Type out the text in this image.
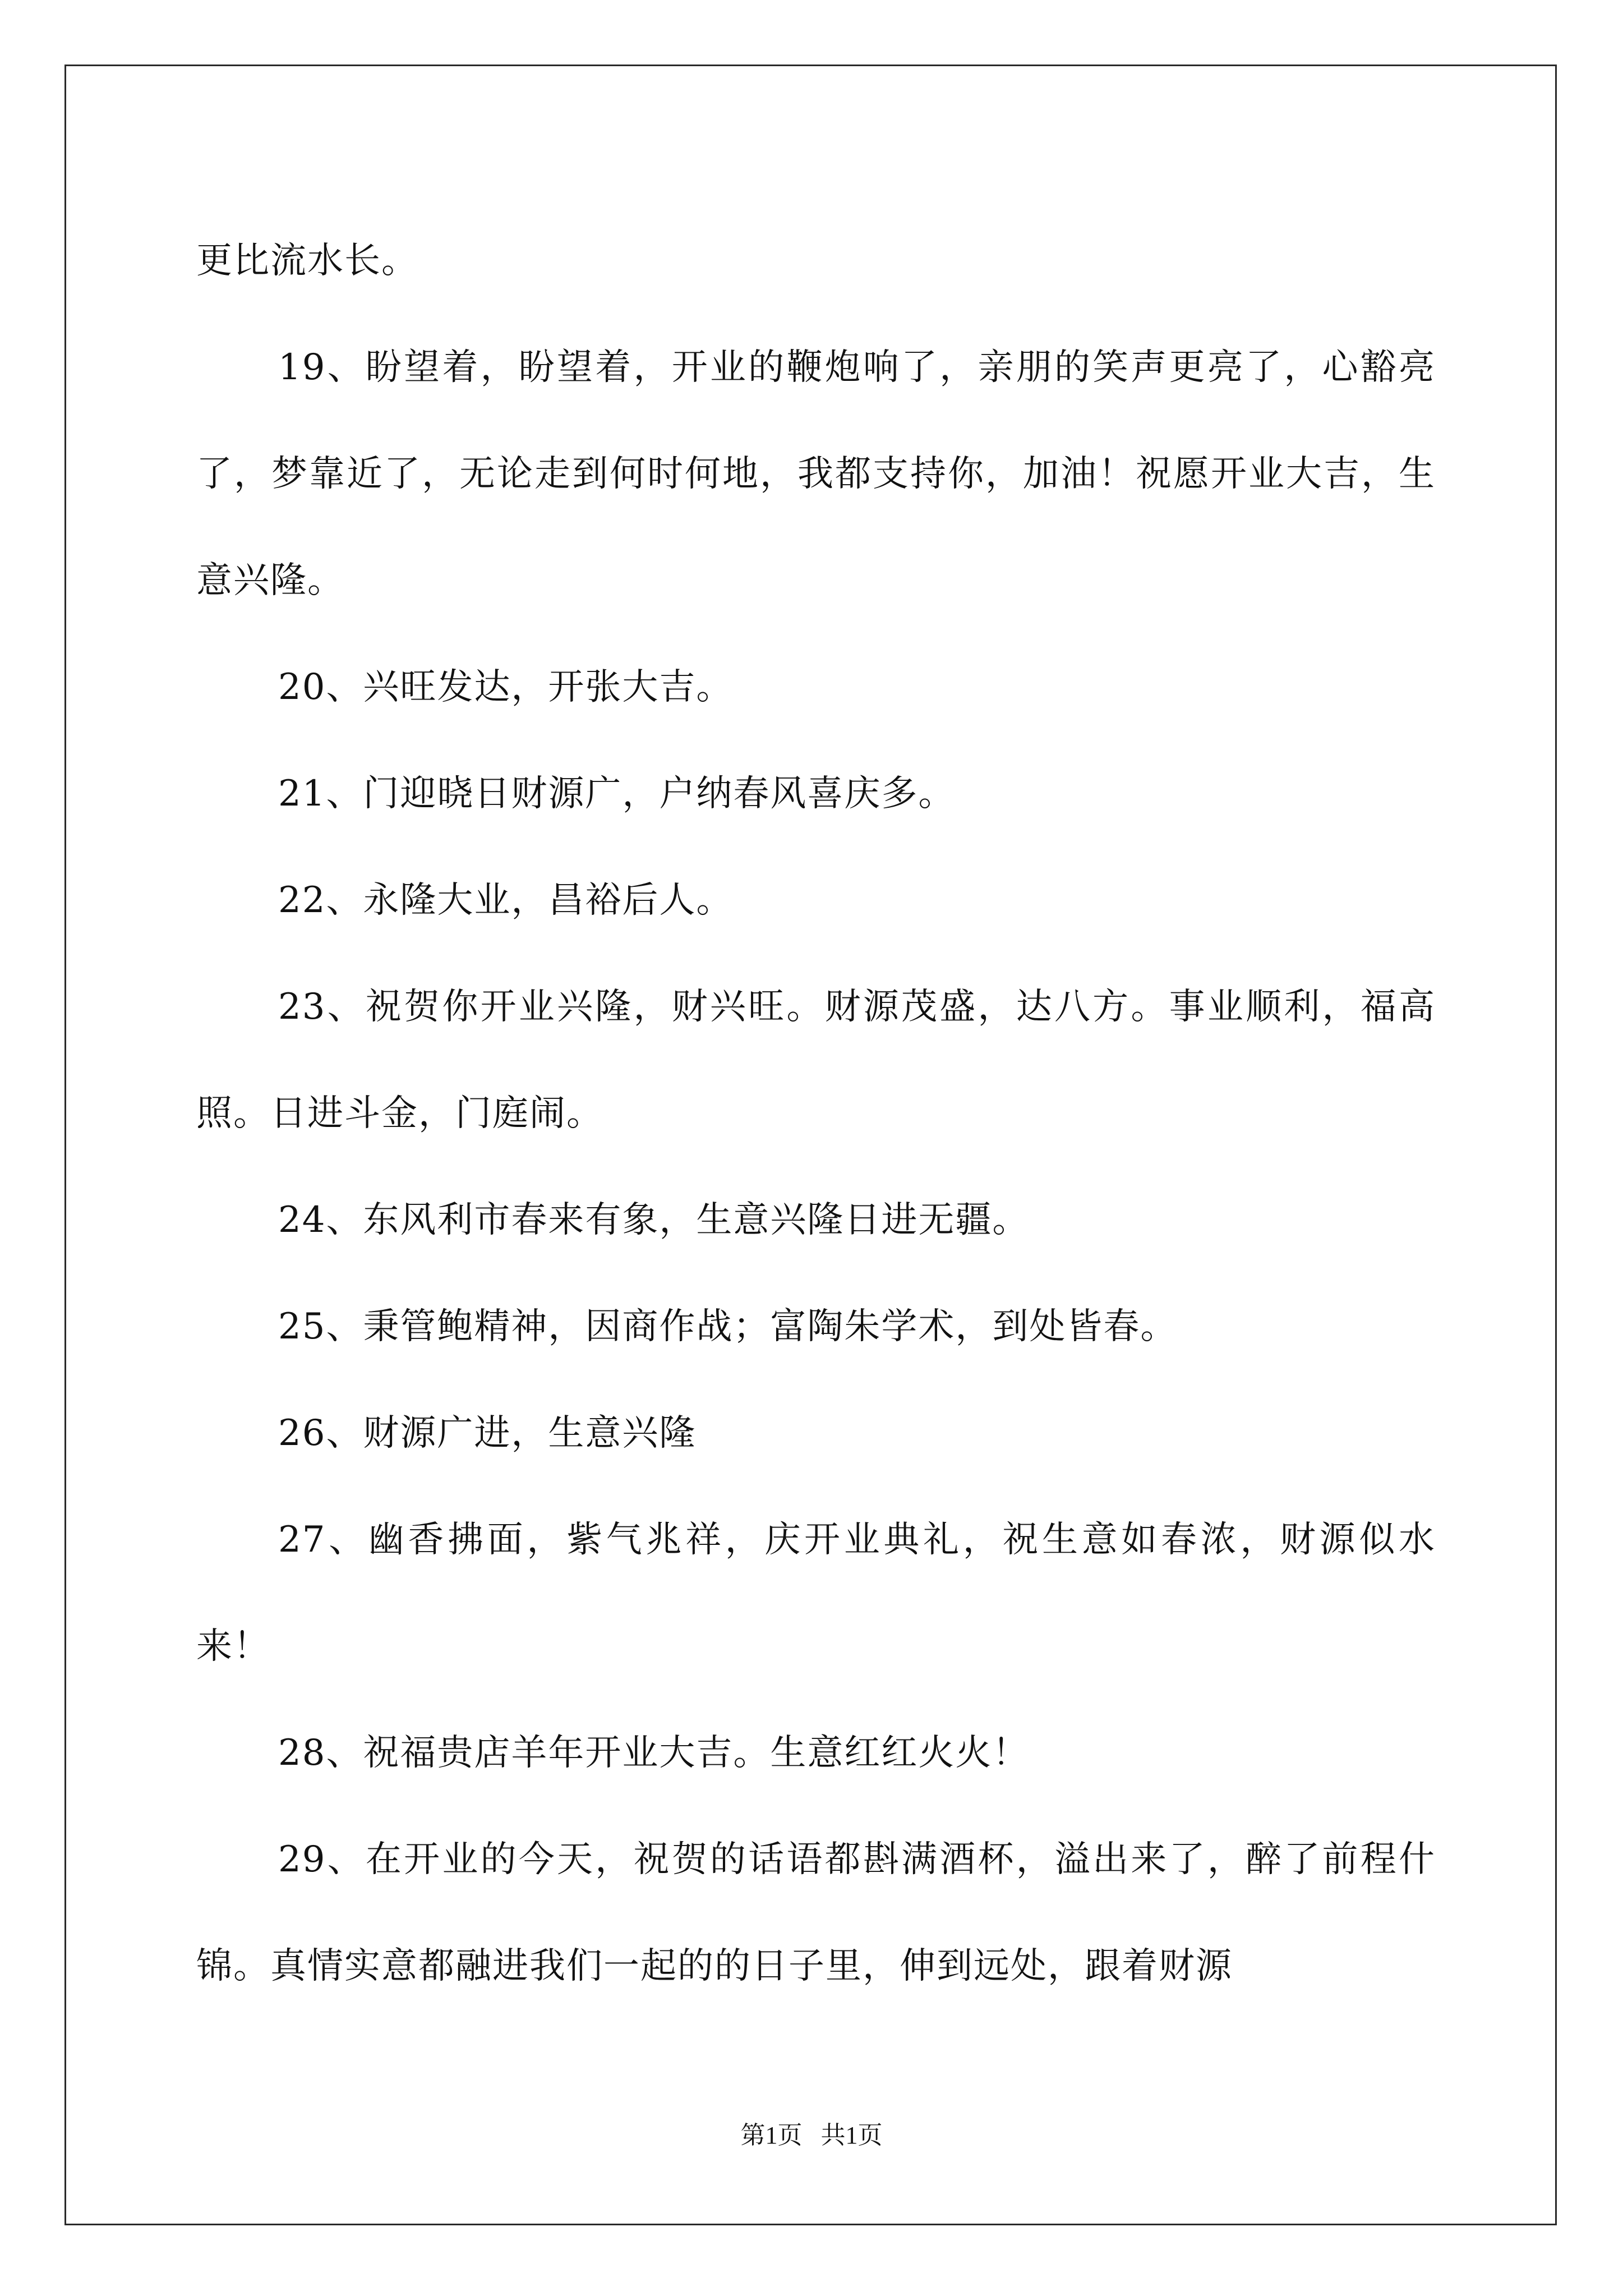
更比流水长。

19、盼望着，盼望着，开业的鞭炮响了，亲朋的笑声更亮了，心豁亮了，梦靠近了，无论走到何时何地，我都支持你，加油！祝愿开业大吉，生意兴隆。

20、兴旺发达，开张大吉。

21、门迎晓日财源广，户纳春风喜庆多。

22、永隆大业，昌裕后人。

23、祝贺你开业兴隆，财兴旺。财源茂盛，达八方。事业顺利，福高照。日进斗金，门庭闹。

24、东风利市春来有象，生意兴隆日进无疆。

25、秉管鲍精神，因商作战；富陶朱学术，到处皆春。

26、财源广进，生意兴隆

27、幽香拂面，紫气兆祥，庆开业典礼，祝生意如春浓，财源似水来！

28、祝福贵店羊年开业大吉。生意红红火火！

29、在开业的今天，祝贺的话语都斟满酒杯，溢出来了，醉了前程什锦。真情实意都融进我们一起的的日子里，伸到远处，跟着财源

第1页 共1页
